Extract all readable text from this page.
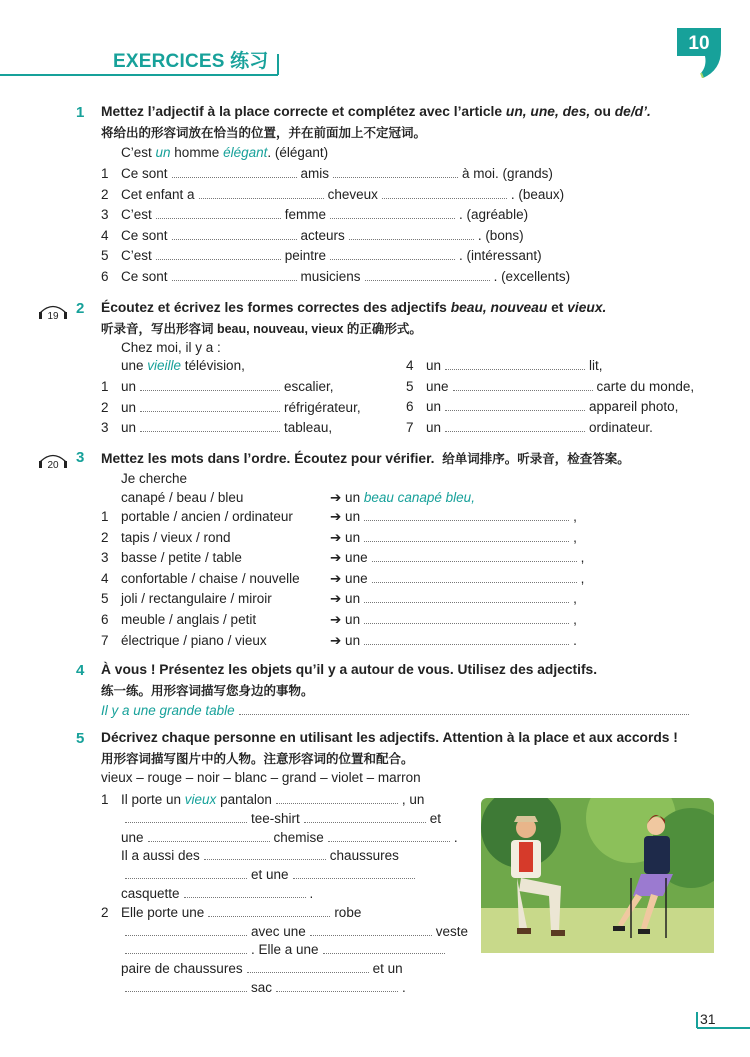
EXERCICES 练习
10
1 Mettez l’adjectif à la place correcte et complétez avec l’article un, une, des, ou de/d’.
将给出的形容词放在恰当的位置，并在前面加上不定冠词。
C’est un homme élégant. (élégant)
1 Ce sont	amis	à moi. (grands)
2 Cet enfant a	cheveux	. (beaux)
3 C’est	femme	. (agréable)
4 Ce sont	acteurs	. (bons)
5 C’est	peintre	. (intéressant)
6 Ce sont	musiciens	. (excellents)
19 2 Écoutez et écrivez les formes correctes des adjectifs beau, nouveau et vieux.
听录音，写出形容词 beau, nouveau, vieux 的正确形式。
Chez moi, il y a :
une vieille télévision,
1 un	escalier,
2 un	réfrigérateur,
3 un	tableau,
4 un	lit,
5 une	carte du monde,
6 un	appareil photo,
7 un	ordinateur.
20 3 Mettez les mots dans l’ordre. Écoutez pour vérifier. 给单词排序。听录音，检查答案。
Je cherche
canapé / beau / bleu	➔ un beau canapé bleu,
1 portable / ancien / ordinateur	➔ un	,
2 tapis / vieux / rond	➔ un	,
3 basse / petite / table	➔ une	,
4 confortable / chaise / nouvelle ➔ une	,
5 joli / rectangulaire / miroir	➔ un	,
6 meuble / anglais / petit	➔ un	,
7 électrique / piano / vieux	➔ un	.
4 À vous ! Présentez les objets qu’il y a autour de vous. Utilisez des adjectifs.
练一练。用形容词描写您身边的事物。
Il y a une grande table
5 Décrivez chaque personne en utilisant les adjectifs. Attention à la place et aux accords !
用形容词描写图片中的人物。注意形容词的位置和配合。
vieux – rouge – noir – blanc – grand – violet – marron
1 Il porte un vieux pantalon	, un
tee-shirt	et
une	chemise	.
Il a aussi des	chaussures
et une
casquette	.
2 Elle porte une	robe
avec une	veste
. Elle a une
paire de chaussures	et un
sac	.
31
